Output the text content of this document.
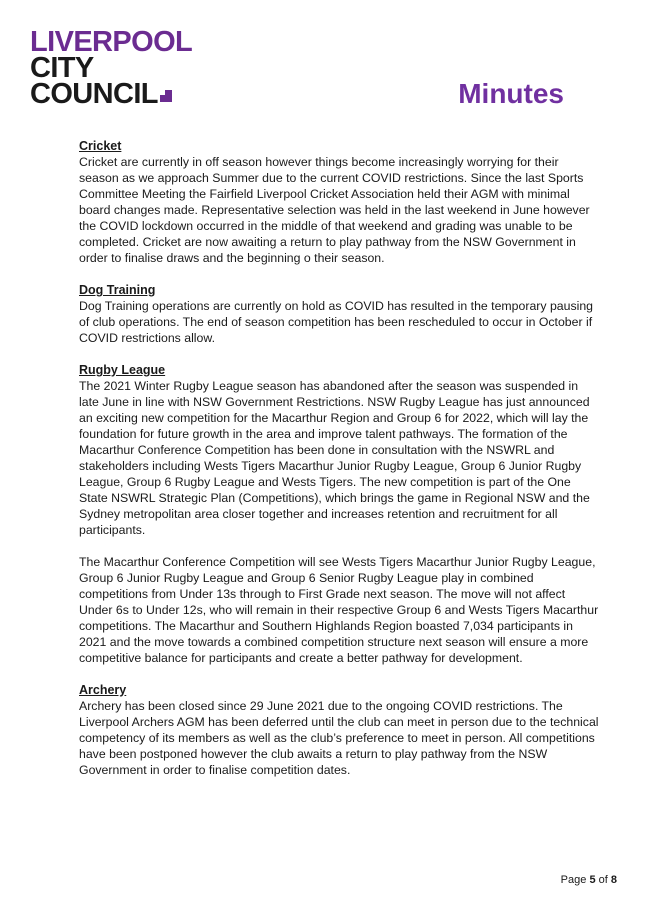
LIVERPOOL
CITY
COUNCIL	Minutes

Cricket

Cricket are currently in off season however things become increasingly worrying for their season as we approach Summer due to the current COVID restrictions. Since the last Sports Committee Meeting the Fairfield Liverpool Cricket Association held their AGM with minimal board changes made. Representative selection was held in the last weekend in June however the COVID lockdown occurred in the middle of that weekend and grading was unable to be completed. Cricket are now awaiting a return to play pathway from the NSW Government in order to finalise draws and the beginning o their season.

Dog Training

Dog Training operations are currently on hold as COVID has resulted in the temporary pausing of club operations. The end of season competition has been rescheduled to occur in October if COVID restrictions allow.

Rugby League

The 2021 Winter Rugby League season has abandoned after the season was suspended in late June in line with NSW Government Restrictions. NSW Rugby League has just announced an exciting new competition for the Macarthur Region and Group 6 for 2022, which will lay the foundation for future growth in the area and improve talent pathways. The formation of the Macarthur Conference Competition has been done in consultation with the NSWRL and stakeholders including Wests Tigers Macarthur Junior Rugby League, Group 6 Junior Rugby League, Group 6 Rugby League and Wests Tigers. The new competition is part of the One State NSWRL Strategic Plan (Competitions), which brings the game in Regional NSW and the Sydney metropolitan area closer together and increases retention and recruitment for all participants.

The Macarthur Conference Competition will see Wests Tigers Macarthur Junior Rugby League, Group 6 Junior Rugby League and Group 6 Senior Rugby League play in combined competitions from Under 13s through to First Grade next season. The move will not affect Under 6s to Under 12s, who will remain in their respective Group 6 and Wests Tigers Macarthur competitions. The Macarthur and Southern Highlands Region boasted 7,034 participants in 2021 and the move towards a combined competition structure next season will ensure a more competitive balance for participants and create a better pathway for development.

Archery

Archery has been closed since 29 June 2021 due to the ongoing COVID restrictions. The Liverpool Archers AGM has been deferred until the club can meet in person due to the technical competency of its members as well as the club’s preference to meet in person. All competitions have been postponed however the club awaits a return to play pathway from the NSW Government in order to finalise competition dates.

Page 5 of 8
